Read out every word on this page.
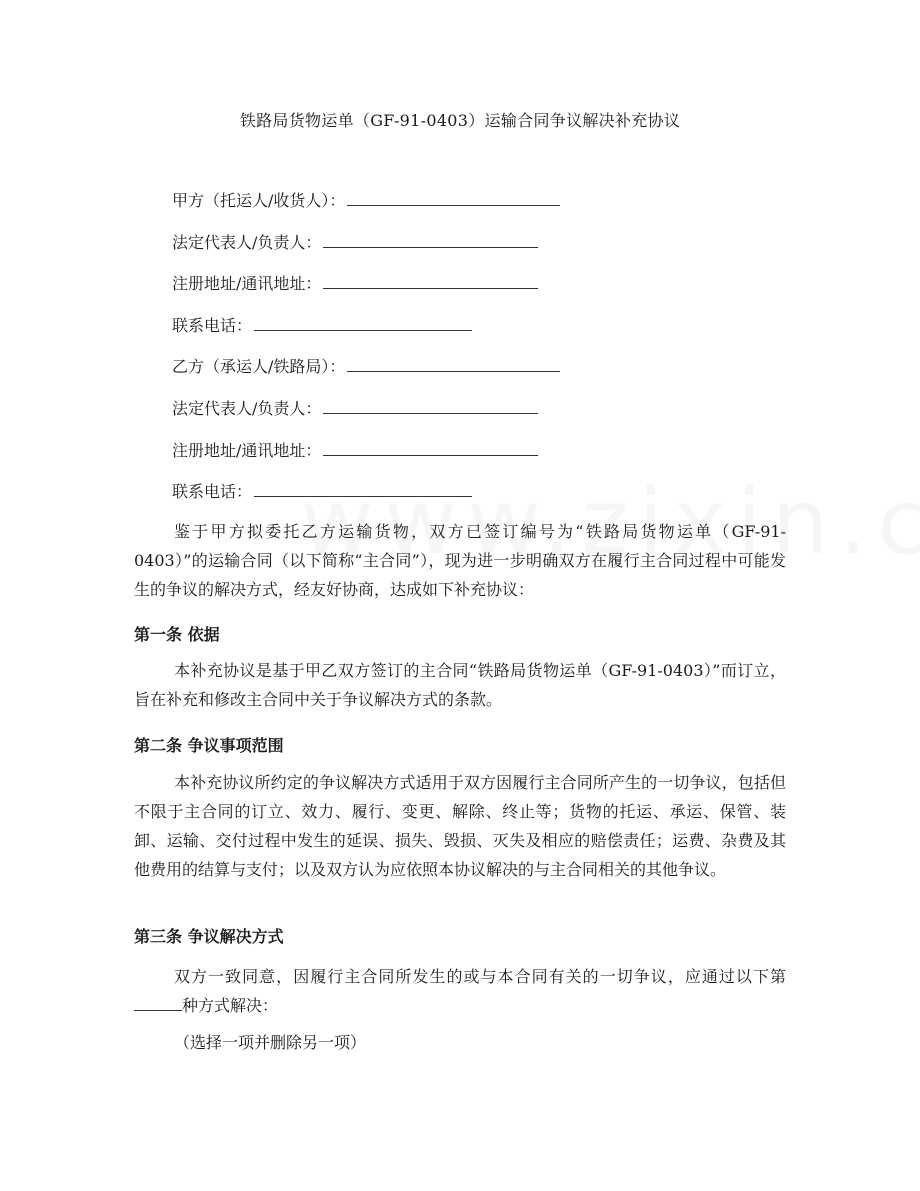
铁路局货物运单（GF-91-0403）运输合同争议解决补充协议
甲方（托运人/收货人）：
法定代表人/负责人：
注册地址/通讯地址：
联系电话：
乙方（承运人/铁路局）：
法定代表人/负责人：
注册地址/通讯地址：
联系电话：

鉴于甲方拟委托乙方运输货物，双方已签订编号为“铁路局货物运单（GF-91-0403）”的运输合同（以下简称“主合同”），现为进一步明确双方在履行主合同过程中可能发生的争议的解决方式，经友好协商，达成如下补充协议：

第一条 依据

本补充协议是基于甲乙双方签订的主合同“铁路局货物运单（GF-91-0403）”而订立，旨在补充和修改主合同中关于争议解决方式的条款。

第二条 争议事项范围

本补充协议所约定的争议解决方式适用于双方因履行主合同所产生的一切争议，包括但不限于主合同的订立、效力、履行、变更、解除、终止等；货物的托运、承运、保管、装卸、运输、交付过程中发生的延误、损失、毁损、灭失及相应的赔偿责任；运费、杂费及其他费用的结算与支付；以及双方认为应依照本协议解决的与主合同相关的其他争议。

第三条 争议解决方式

双方一致同意，因履行主合同所发生的或与本合同有关的一切争议，应通过以下第种方式解决：

（选择一项并删除另一项）
